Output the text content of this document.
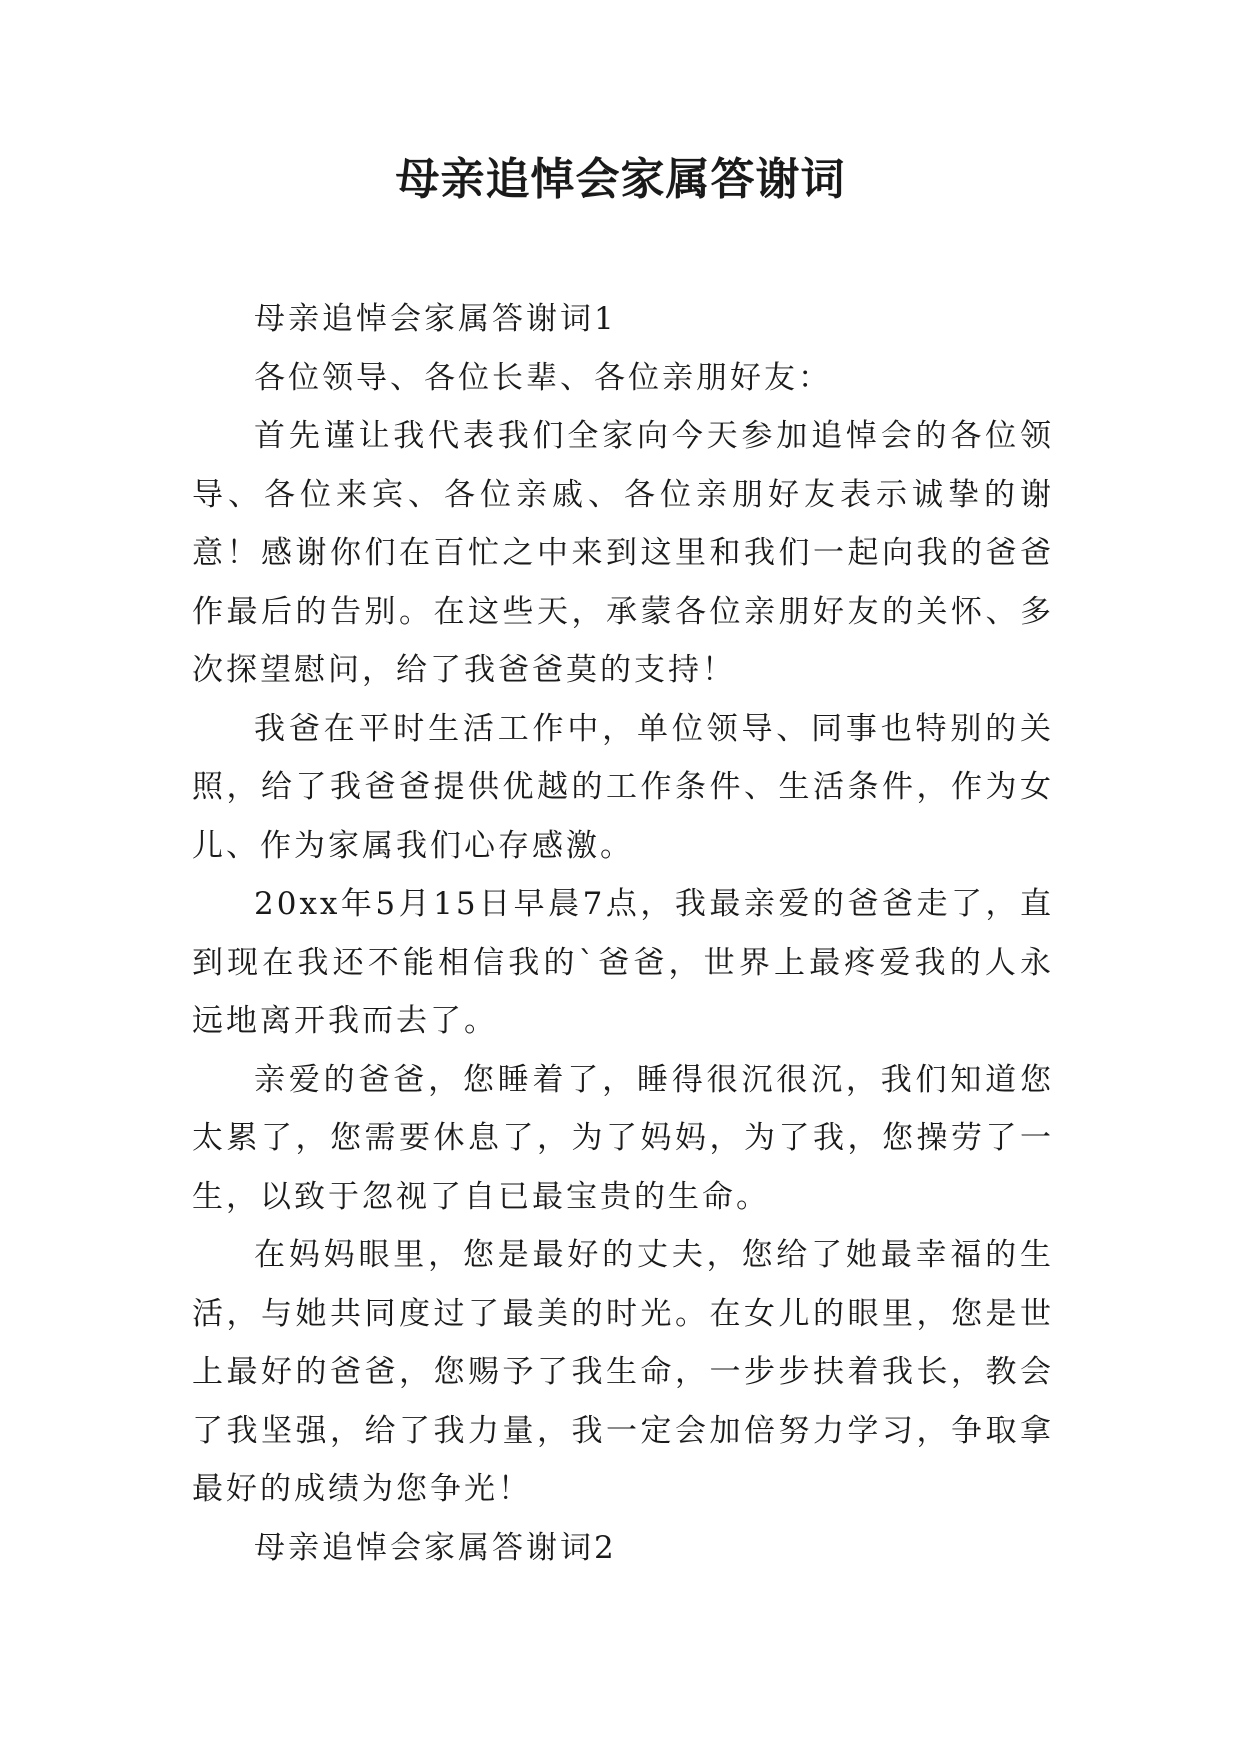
母亲追悼会家属答谢词

母亲追悼会家属答谢词1

各位领导、各位长辈、各位亲朋好友：

首先谨让我代表我们全家向今天参加追悼会的各位领导、各位来宾、各位亲戚、各位亲朋好友表示诚挚的谢意！感谢你们在百忙之中来到这里和我们一起向我的爸爸作最后的告别。在这些天，承蒙各位亲朋好友的关怀、多次探望慰问，给了我爸爸莫的支持！

我爸在平时生活工作中，单位领导、同事也特别的关照，给了我爸爸提供优越的工作条件、生活条件，作为女儿、作为家属我们心存感激。

20xx年5月15日早晨7点，我最亲爱的爸爸走了，直到现在我还不能相信我的`爸爸，世界上最疼爱我的人永远地离开我而去了。

亲爱的爸爸，您睡着了，睡得很沉很沉，我们知道您太累了，您需要休息了，为了妈妈，为了我，您操劳了一生，以致于忽视了自已最宝贵的生命。

在妈妈眼里，您是最好的丈夫，您给了她最幸福的生活，与她共同度过了最美的时光。在女儿的眼里，您是世上最好的爸爸，您赐予了我生命，一步步扶着我长，教会了我坚强，给了我力量，我一定会加倍努力学习，争取拿最好的成绩为您争光！

母亲追悼会家属答谢词2
